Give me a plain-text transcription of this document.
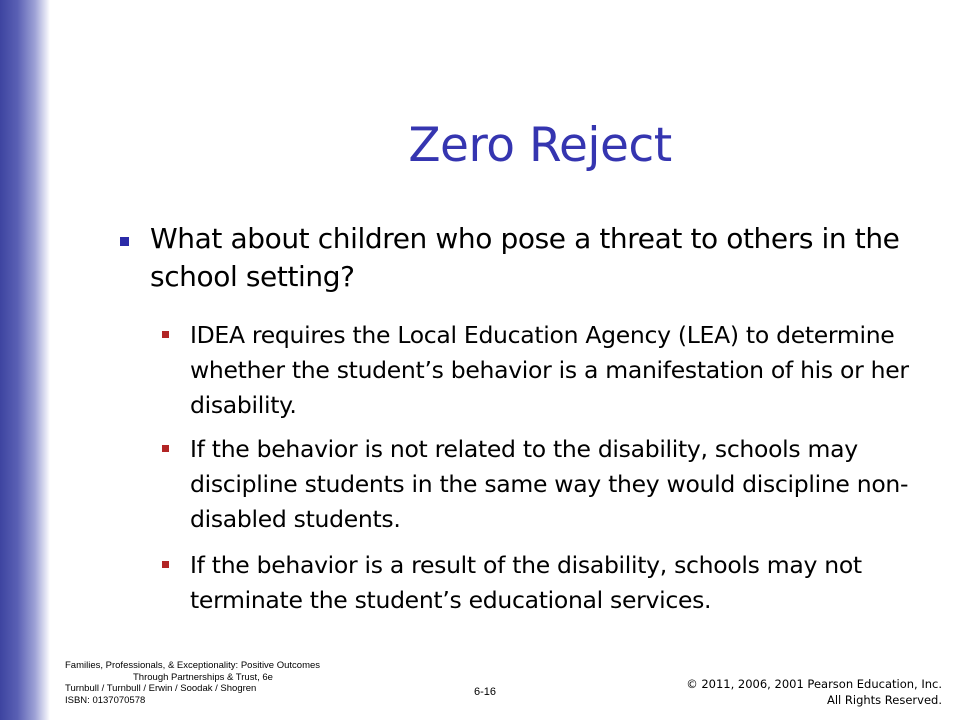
Zero Reject
What about children who pose a threat to others in the school setting?
IDEA requires the Local Education Agency (LEA) to determine whether the student’s behavior is a manifestation of his or her disability.
If the behavior is not related to the disability, schools may discipline students in the same way they would discipline non-disabled students.
If the behavior is a result of the disability, schools may not terminate the student’s educational services.
Families, Professionals, & Exceptionality: Positive Outcomes
Through Partnerships & Trust, 6e
Turnbull / Turnbull / Erwin / Soodak / Shogren
ISBN: 0137070578
6-16
© 2011, 2006, 2001 Pearson Education, Inc.
All Rights Reserved.
